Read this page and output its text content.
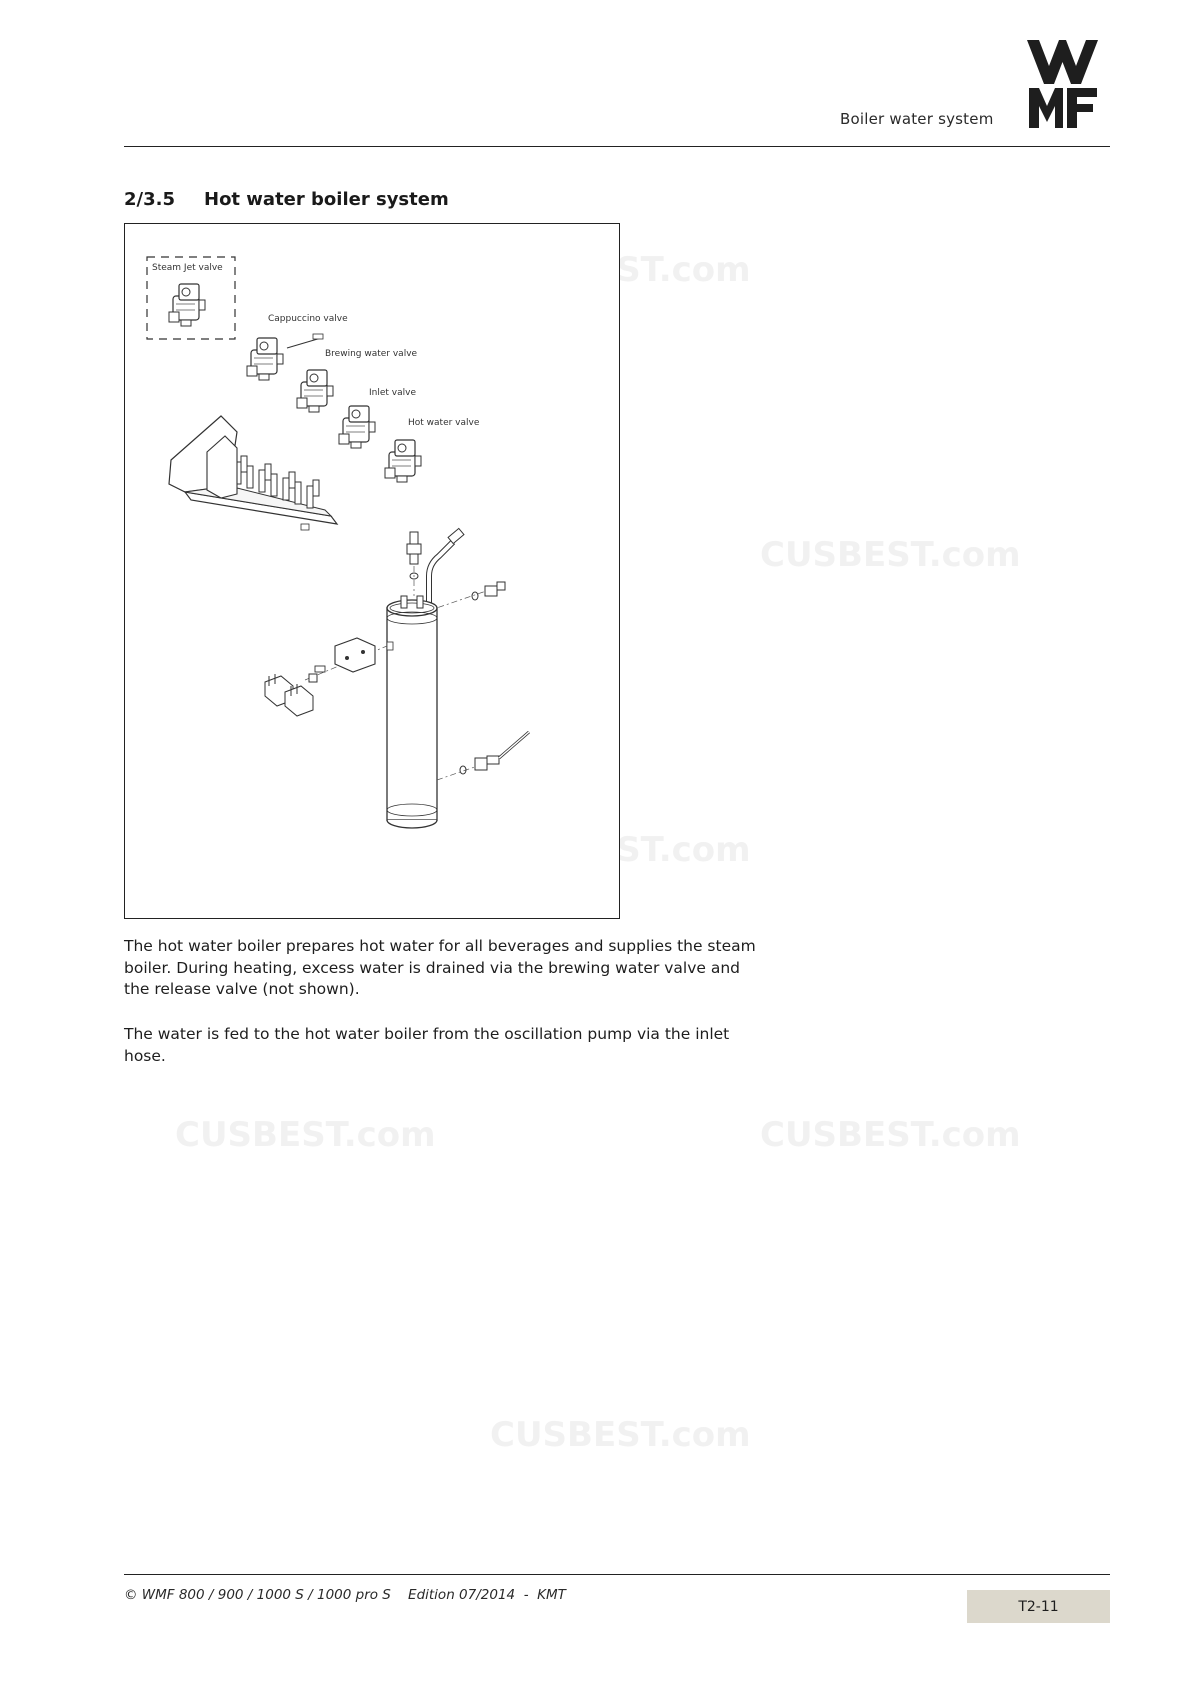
CUSBEST.com
CUSBEST.com
CUSBEST.com
CUSBEST.com	CUSBEST.com
CUSBEST.com
Boiler water system
2/3.5 Hot water boiler system
Steam Jet valve
Cappuccino valve
Brewing water valve
Inlet valve
Hot water valve
The hot water boiler prepares hot water for all beverages and supplies the steam boiler. During heating, excess water is drained via the brewing water valve and the release valve (not shown).
The water is fed to the hot water boiler from the oscillation pump via the inlet hose.
© WMF 800 / 900 / 1000 S / 1000 pro S    Edition 07/2014  -  KMT
T2-11
